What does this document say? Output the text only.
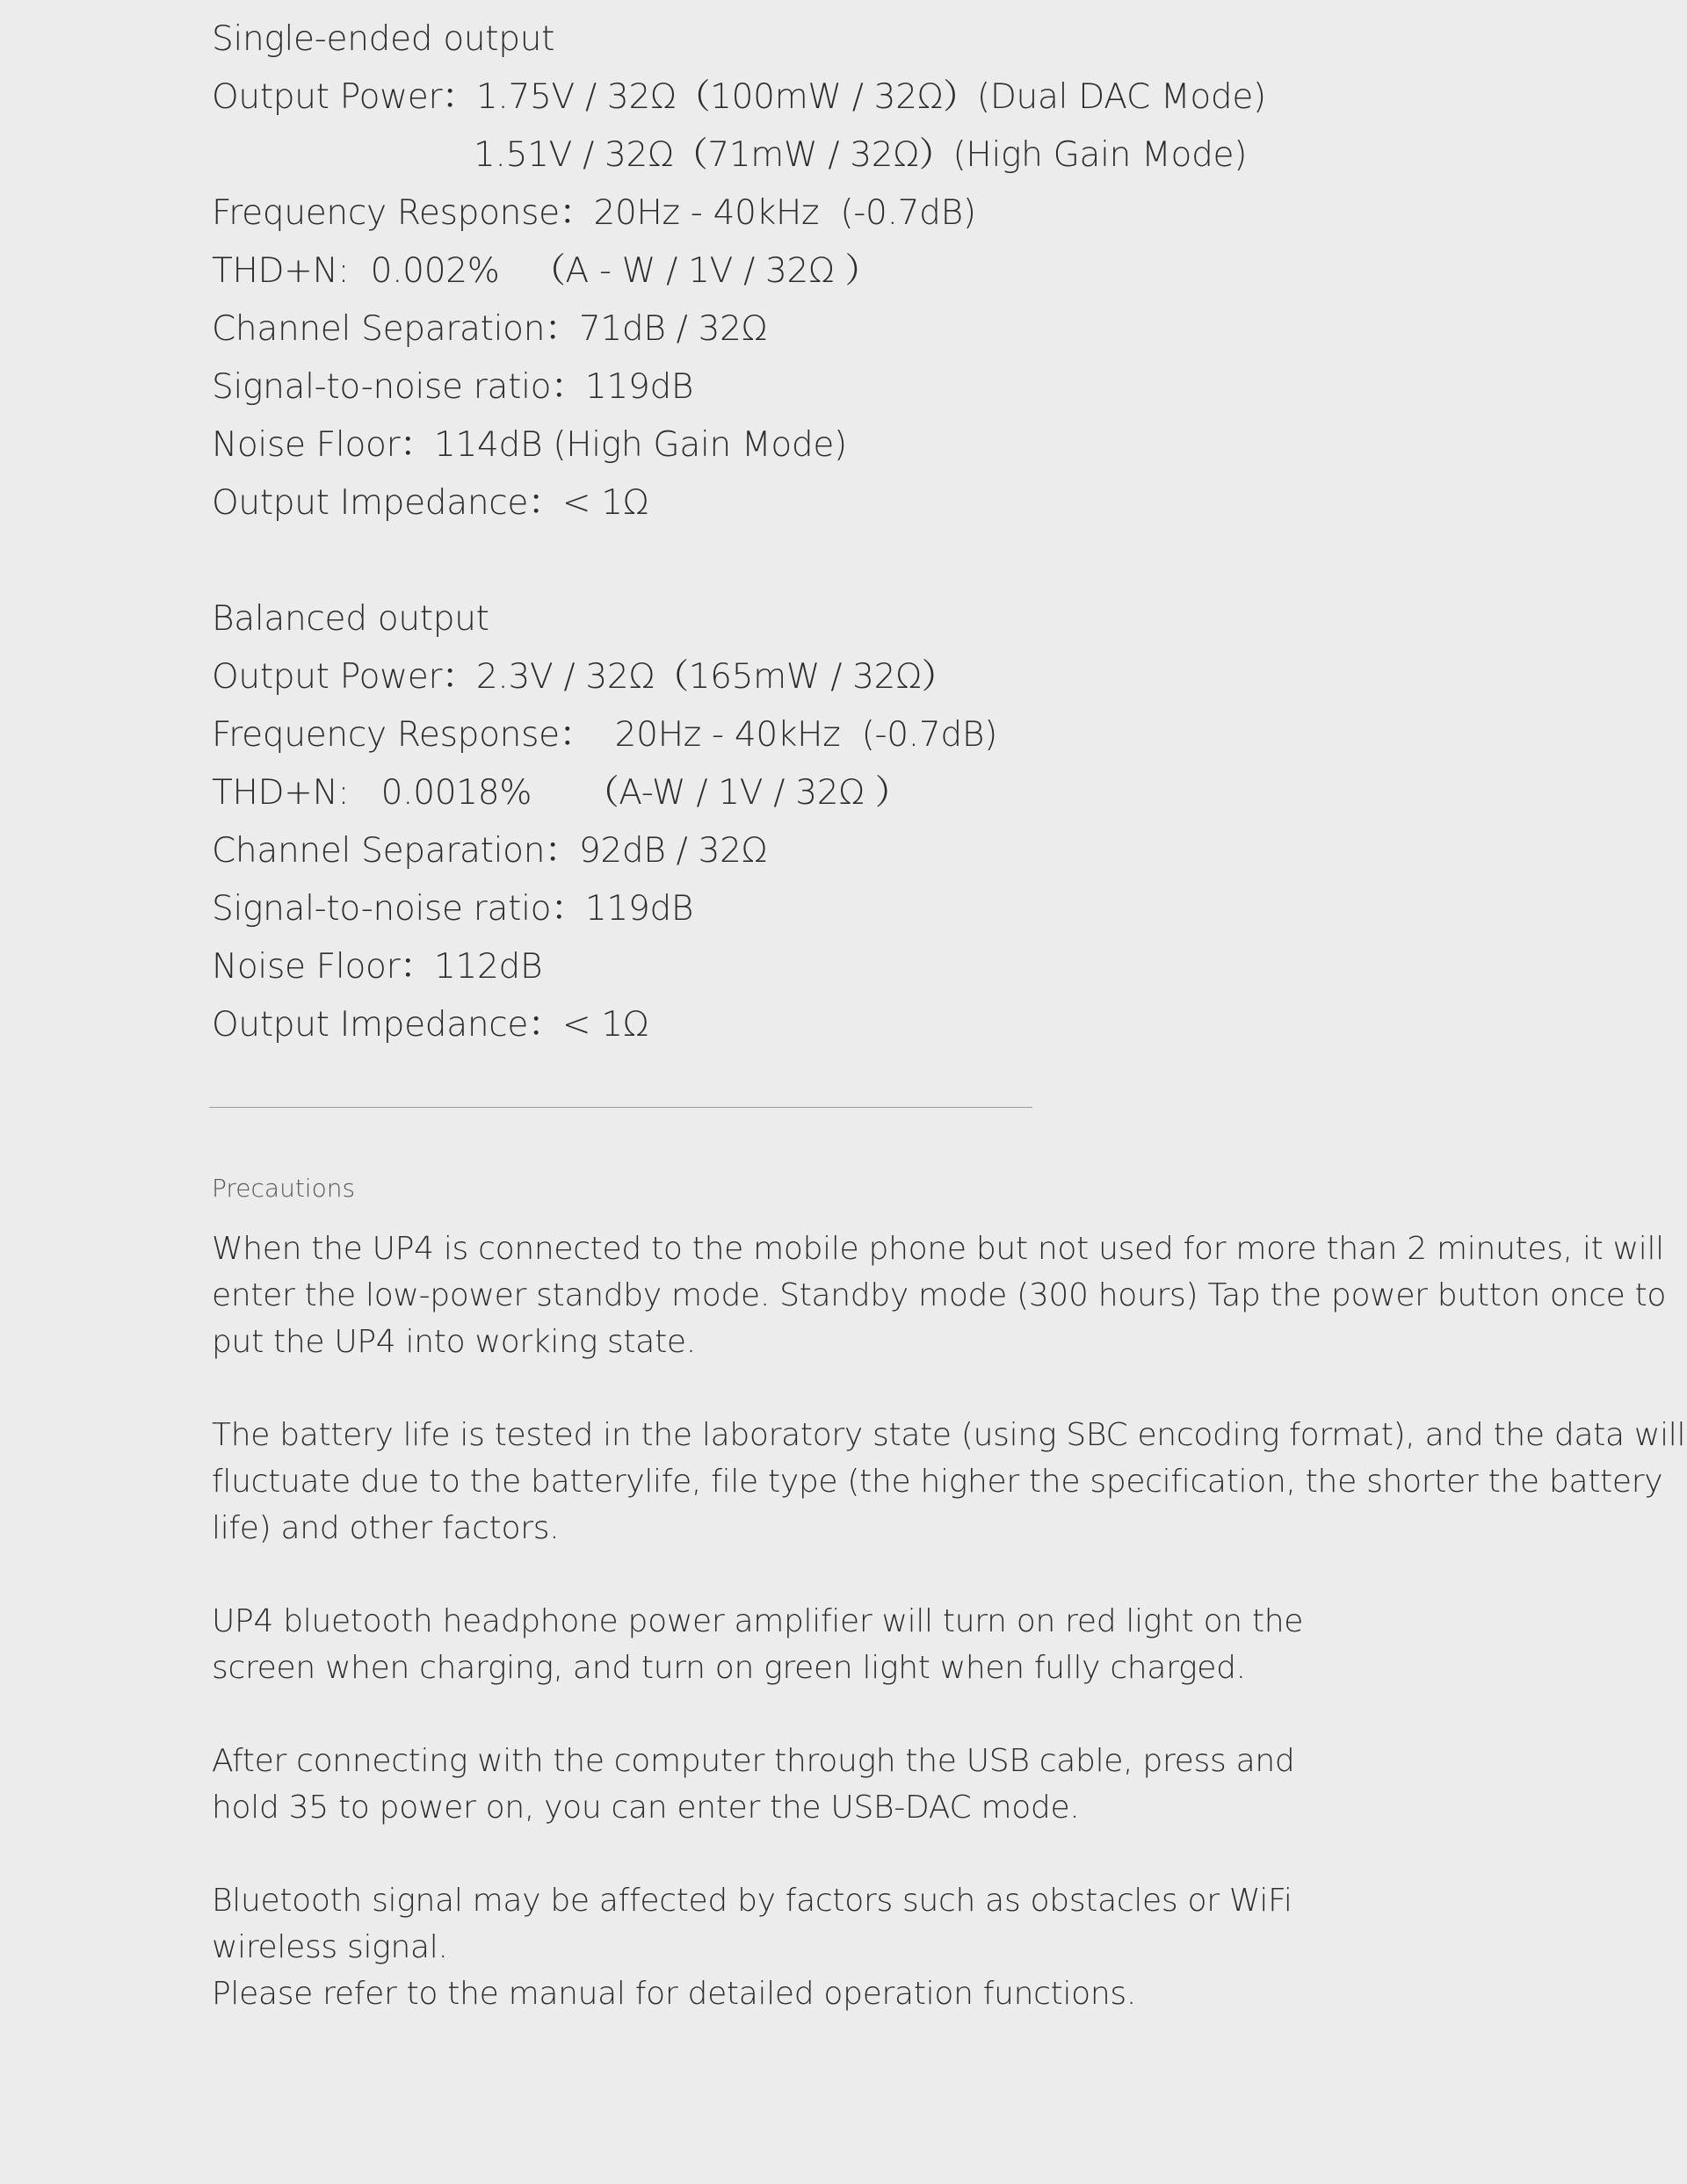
Single-ended output
Output Power：1.75V / 32Ω（100mW / 32Ω）(Dual DAC Mode)
1.51V / 32Ω（71mW / 32Ω）(High Gain Mode)
Frequency Response：20Hz - 40kHz  (-0.7dB)
THD+N:  0.002%   （A - W / 1V / 32Ω ）
Channel Separation：71dB / 32Ω
Signal-to-noise ratio：119dB
Noise Floor：114dB (High Gain Mode)
Output Impedance：< 1Ω
Balanced output
Output Power：2.3V / 32Ω（165mW / 32Ω）
Frequency Response：  20Hz - 40kHz  (-0.7dB)
THD+N:   0.0018%     （A-W / 1V / 32Ω ）
Channel Separation：92dB / 32Ω
Signal-to-noise ratio：119dB
Noise Floor：112dB
Output Impedance：< 1Ω
Precautions
When the UP4 is connected to the mobile phone but not used for more than 2 minutes, it will
enter the low-power standby mode. Standby mode (300 hours) Tap the power button once to
put the UP4 into working state.
The battery life is tested in the laboratory state (using SBC encoding format), and the data will
fluctuate due to the batterylife, file type (the higher the specification, the shorter the battery
life) and other factors.
UP4 bluetooth headphone power amplifier will turn on red light on the
screen when charging, and turn on green light when fully charged.
After connecting with the computer through the USB cable, press and
hold 35 to power on, you can enter the USB-DAC mode.
Bluetooth signal may be affected by factors such as obstacles or WiFi
wireless signal.
Please refer to the manual for detailed operation functions.
